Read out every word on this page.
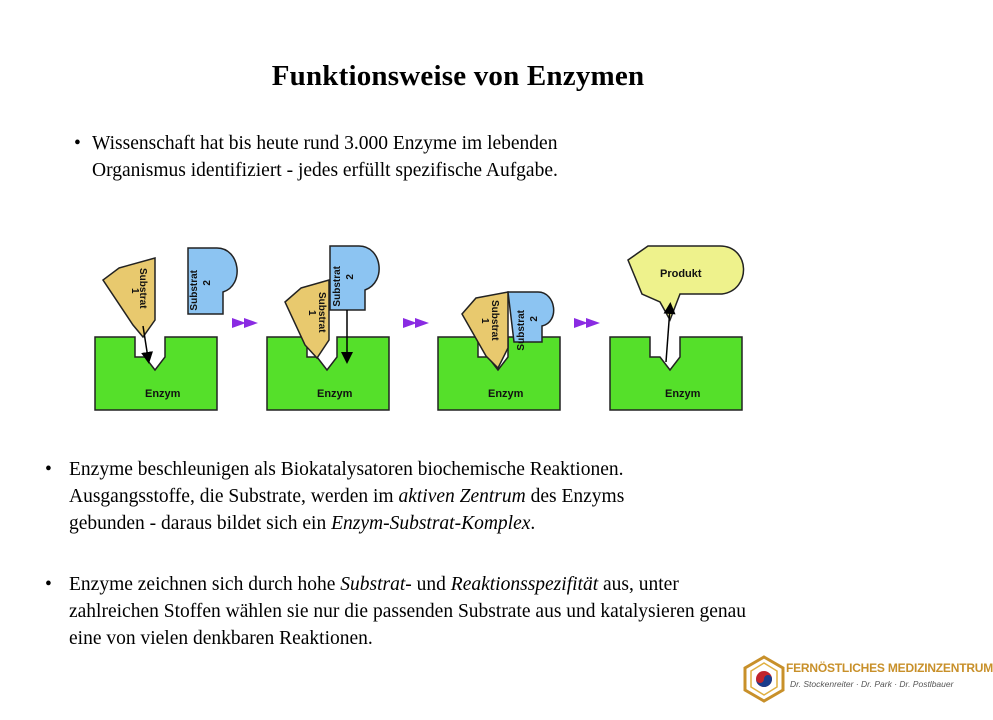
Funktionsweise von Enzymen
• Wissenschaft hat bis heute rund 3.000 Enzyme im lebenden
Organismus identifiziert - jedes erfüllt spezifische Aufgabe.
Enzym
Substrat
1	Substrat 2
Enzym
Substrat
1
Substrat 2
Enzym
Substrat
1	Substrat 2
Enzym
Produkt
• Enzyme beschleunigen als Biokatalysatoren biochemische Reaktionen.
Ausgangsstoffe, die Substrate, werden im aktiven Zentrum des Enzyms
gebunden - daraus bildet sich ein Enzym-Substrat-Komplex.
• Enzyme zeichnen sich durch hohe Substrat- und Reaktionsspezifität aus, unter
zahlreichen Stoffen wählen sie nur die passenden Substrate aus und katalysieren genau
eine von vielen denkbaren Reaktionen.
FERNÖSTLICHES MEDIZINZENTRUM
Dr. Stockenreiter · Dr. Park · Dr. Postlbauer
